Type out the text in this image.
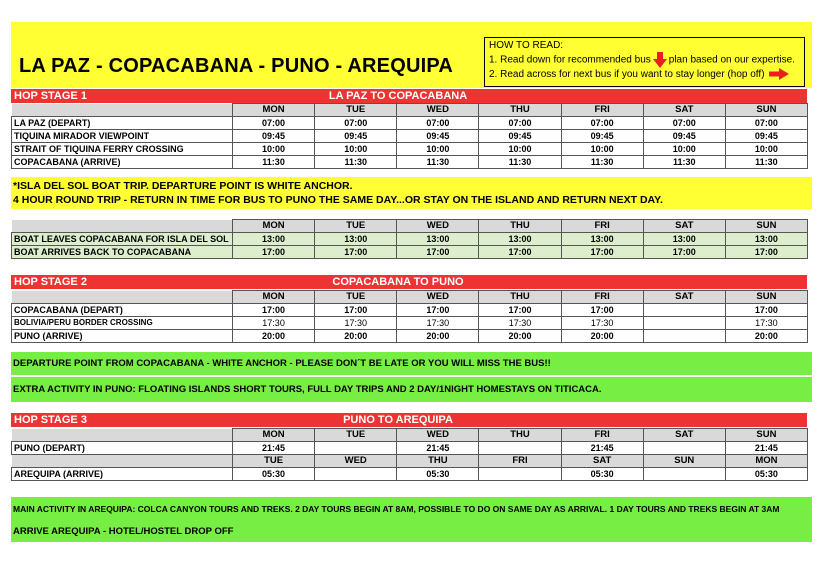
LA PAZ - COPACABANA - PUNO - AREQUIPA
HOW TO READ:
1. Read down for recommended bus plan based on our expertise.
2. Read across for next bus if you want to stay longer (hop off)
HOP STAGE 1	LA PAZ TO COPACABANA
	MON	TUE	WED	THU	FRI	SAT	SUN
LA PAZ (DEPART)	07:00	07:00	07:00	07:00	07:00	07:00	07:00
TIQUINA MIRADOR VIEWPOINT	09:45	09:45	09:45	09:45	09:45	09:45	09:45
STRAIT OF TIQUINA FERRY CROSSING	10:00	10:00	10:00	10:00	10:00	10:00	10:00
COPACABANA (ARRIVE)	11:30	11:30	11:30	11:30	11:30	11:30	11:30
*ISLA DEL SOL BOAT TRIP. DEPARTURE POINT IS WHITE ANCHOR.
4 HOUR ROUND TRIP - RETURN IN TIME FOR BUS TO PUNO THE SAME DAY...OR STAY ON THE ISLAND AND RETURN NEXT DAY.
	MON	TUE	WED	THU	FRI	SAT	SUN
BOAT LEAVES COPACABANA FOR ISLA DEL SOL	13:00	13:00	13:00	13:00	13:00	13:00	13:00
BOAT ARRIVES BACK TO COPACABANA	17:00	17:00	17:00	17:00	17:00	17:00	17:00
HOP STAGE 2	COPACABANA TO PUNO
	MON	TUE	WED	THU	FRI	SAT	SUN
COPACABANA (DEPART)	17:00	17:00	17:00	17:00	17:00		17:00
BOLIVIA/PERU BORDER CROSSING	17:30	17:30	17:30	17:30	17:30		17:30
PUNO (ARRIVE)	20:00	20:00	20:00	20:00	20:00		20:00
DEPARTURE POINT FROM COPACABANA - WHITE ANCHOR - PLEASE DON´T BE LATE OR YOU WILL MISS THE BUS!!
EXTRA ACTIVITY IN PUNO: FLOATING ISLANDS SHORT TOURS, FULL DAY TRIPS AND 2 DAY/1NIGHT HOMESTAYS ON TITICACA.
HOP STAGE 3	PUNO TO AREQUIPA
	MON	TUE	WED	THU	FRI	SAT	SUN
PUNO (DEPART)	21:45		21:45		21:45		21:45
	TUE	WED	THU	FRI	SAT	SUN	MON
AREQUIPA (ARRIVE)	05:30		05:30		05:30		05:30
MAIN ACTIVITY IN AREQUIPA: COLCA CANYON TOURS AND TREKS. 2 DAY TOURS BEGIN AT 8AM, POSSIBLE TO DO ON SAME DAY AS ARRIVAL. 1 DAY TOURS AND TREKS BEGIN AT 3AM
ARRIVE AREQUIPA - HOTEL/HOSTEL DROP OFF
